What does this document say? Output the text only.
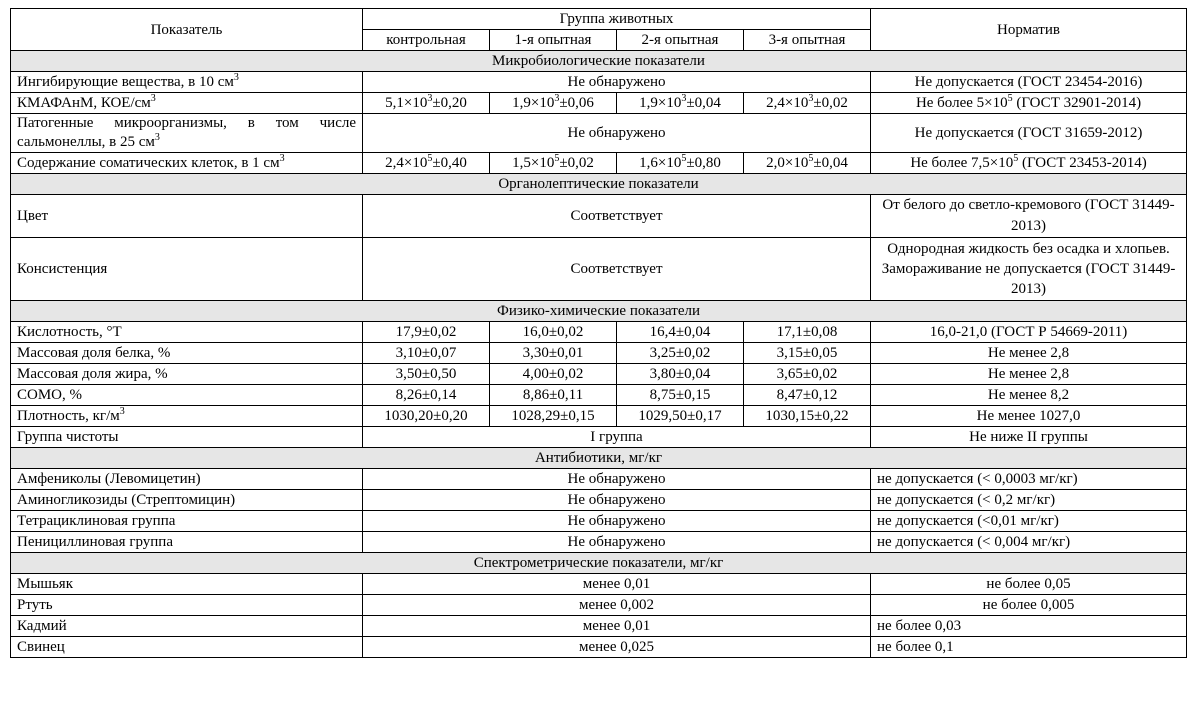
Показатель	Группа животных				Норматив
	контрольная	1-я опытная	2-я опытная	3-я опытная	
Микробиологические показатели					
Ингибирующие вещества, в 10 $см^3$	Не обнаружено				Не допускается (ГОСТ 23454-2016)
КМАФАнМ, КОЕ/$см^3$	$5,1\times 10^3\pm 0,20$	$1,9\times 10^3\pm 0,06$	$1,9\times 10^3\pm 0,04$	$2,4\times 10^3\pm 0,02$	Не более $5\times 10^5$ (ГОСТ 32901-2014)
Патогенные микроорганизмы, в том числе сальмонеллы, в 25 $см^3$	Не обнаружено				Не допускается (ГОСТ 31659-2012)
Содержание соматических клеток, в 1 $см^3$	$2,4\times 10^5\pm 0,40$	$1,5\times 10^5\pm 0,02$	$1,6\times 10^5\pm 0,80$	$2,0\times 10^5\pm 0,04$	Не более $7,5\times 10^5$ (ГОСТ 23453-2014)
Органолептические показатели					
Цвет	Соответствует				От белого до светло-кремового (ГОСТ 31449-2013)
Консистенция	Соответствует				Однородная жидкость без осадка и хлопьев. Замораживание не допускается (ГОСТ 31449-2013)
Физико-химические показатели					
Кислотность, °Т	17,9±0,02	16,0±0,02	16,4±0,04	17,1±0,08	16,0-21,0 (ГОСТ Р 54669-2011)
Массовая доля белка, %	3,10±0,07	3,30±0,01	3,25±0,02	3,15±0,05	Не менее 2,8
Массовая доля жира, %	3,50±0,50	4,00±0,02	3,80±0,04	3,65±0,02	Не менее 2,8
СОМО, %	8,26±0,14	8,86±0,11	8,75±0,15	8,47±0,12	Не менее 8,2
Плотность, $кг/м^3$	1030,20±0,20	1028,29±0,15	1029,50±0,17	1030,15±0,22	Не менее 1027,0
Группа чистоты	I группа				Не ниже II группы
Антибиотики, мг/кг					
Амфениколы (Левомицетин)	Не обнаружено				не допускается (< 0,0003 мг/кг)
Аминогликозиды (Стрептомицин)	Не обнаружено				не допускается (< 0,2 мг/кг)
Тетрациклиновая группа	Не обнаружено				не допускается (<0,01 мг/кг)
Пенициллиновая группа	Не обнаружено				не допускается (< 0,004 мг/кг)
Спектрометрические показатели, мг/кг					
Мышьяк	менее 0,01				не более 0,05
Ртуть	менее 0,002				не более 0,005
Кадмий	менее 0,01				не более 0,03
Свинец	менее 0,025				не более 0,1
